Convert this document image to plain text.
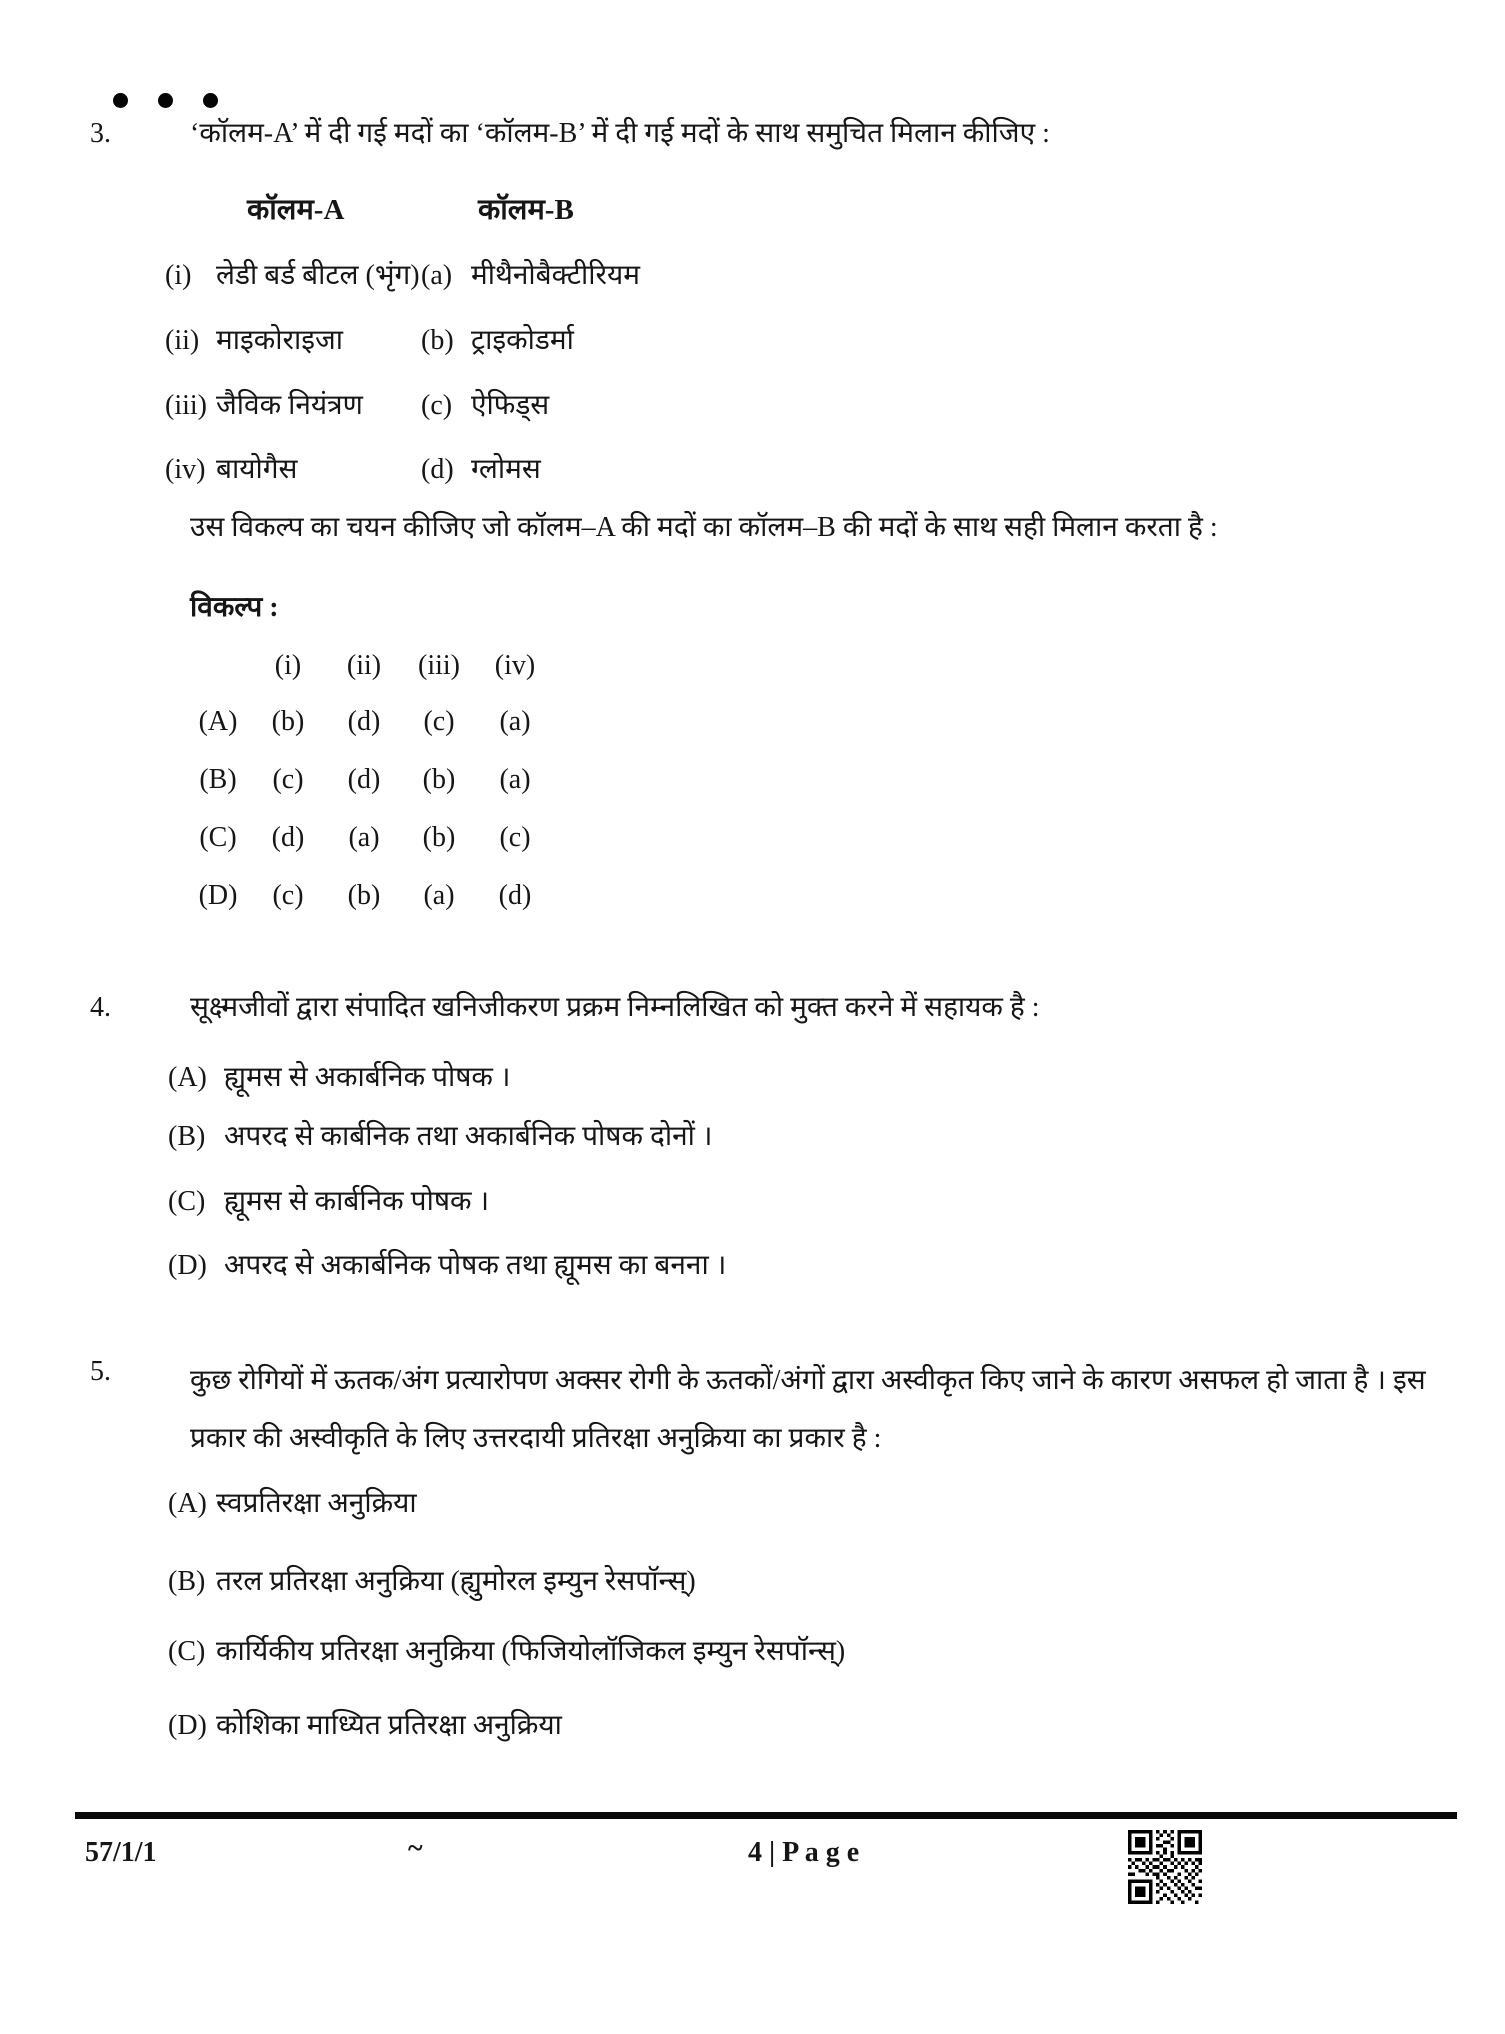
3.	‘कॉलम-A’ में दी गई मदों का ‘कॉलम-B’ में दी गई मदों के साथ समुचित मिलान कीजिए :
कॉलम-A	कॉलम-B
(i) लेडी बर्ड बीटल (भृंग) (a) मीथैनोबैक्टीरियम
(ii) माइकोराइजा	(b) ट्राइकोडर्मा
(iii) जैविक नियंत्रण (c) ऐफिड्स
(iv) बायोगैस	(d) ग्लोमस
उस विकल्प का चयन कीजिए जो कॉलम–A की मदों का कॉलम–B की मदों के साथ सही मिलान करता है :
विकल्प :
(i)	(ii)	(iii)	(iv)
(A)	(b)	(d)	(c)	(a)
(B)	(c)	(d)	(b)	(a)
(C)	(d)	(a)	(b)	(c)
(D)	(c)	(b)	(a)	(d)
4.	सूक्ष्मजीवों द्वारा संपादित खनिजीकरण प्रक्रम निम्नलिखित को मुक्त करने में सहायक है :
(A) ह्यूमस से अकार्बनिक पोषक ।
(B) अपरद से कार्बनिक तथा अकार्बनिक पोषक दोनों ।
(C) ह्यूमस से कार्बनिक पोषक ।
(D) अपरद से अकार्बनिक पोषक तथा ह्यूमस का बनना ।
5.	कुछ रोगियों में ऊतक/अंग प्रत्यारोपण अक्सर रोगी के ऊतकों/अंगों द्वारा अस्वीकृत किए जाने के कारण असफल हो जाता है । इस प्रकार की अस्वीकृति के लिए उत्तरदायी प्रतिरक्षा अनुक्रिया का प्रकार है :
(A) स्वप्रतिरक्षा अनुक्रिया
(B) तरल प्रतिरक्षा अनुक्रिया (ह्युमोरल इम्युन रेसपॉन्स्)
(C) कार्यिकीय प्रतिरक्षा अनुक्रिया (फिजियोलॉजिकल इम्युन रेसपॉन्स्)
(D) कोशिका माध्यित प्रतिरक्षा अनुक्रिया
57/1/1	~	4 | P a g e
